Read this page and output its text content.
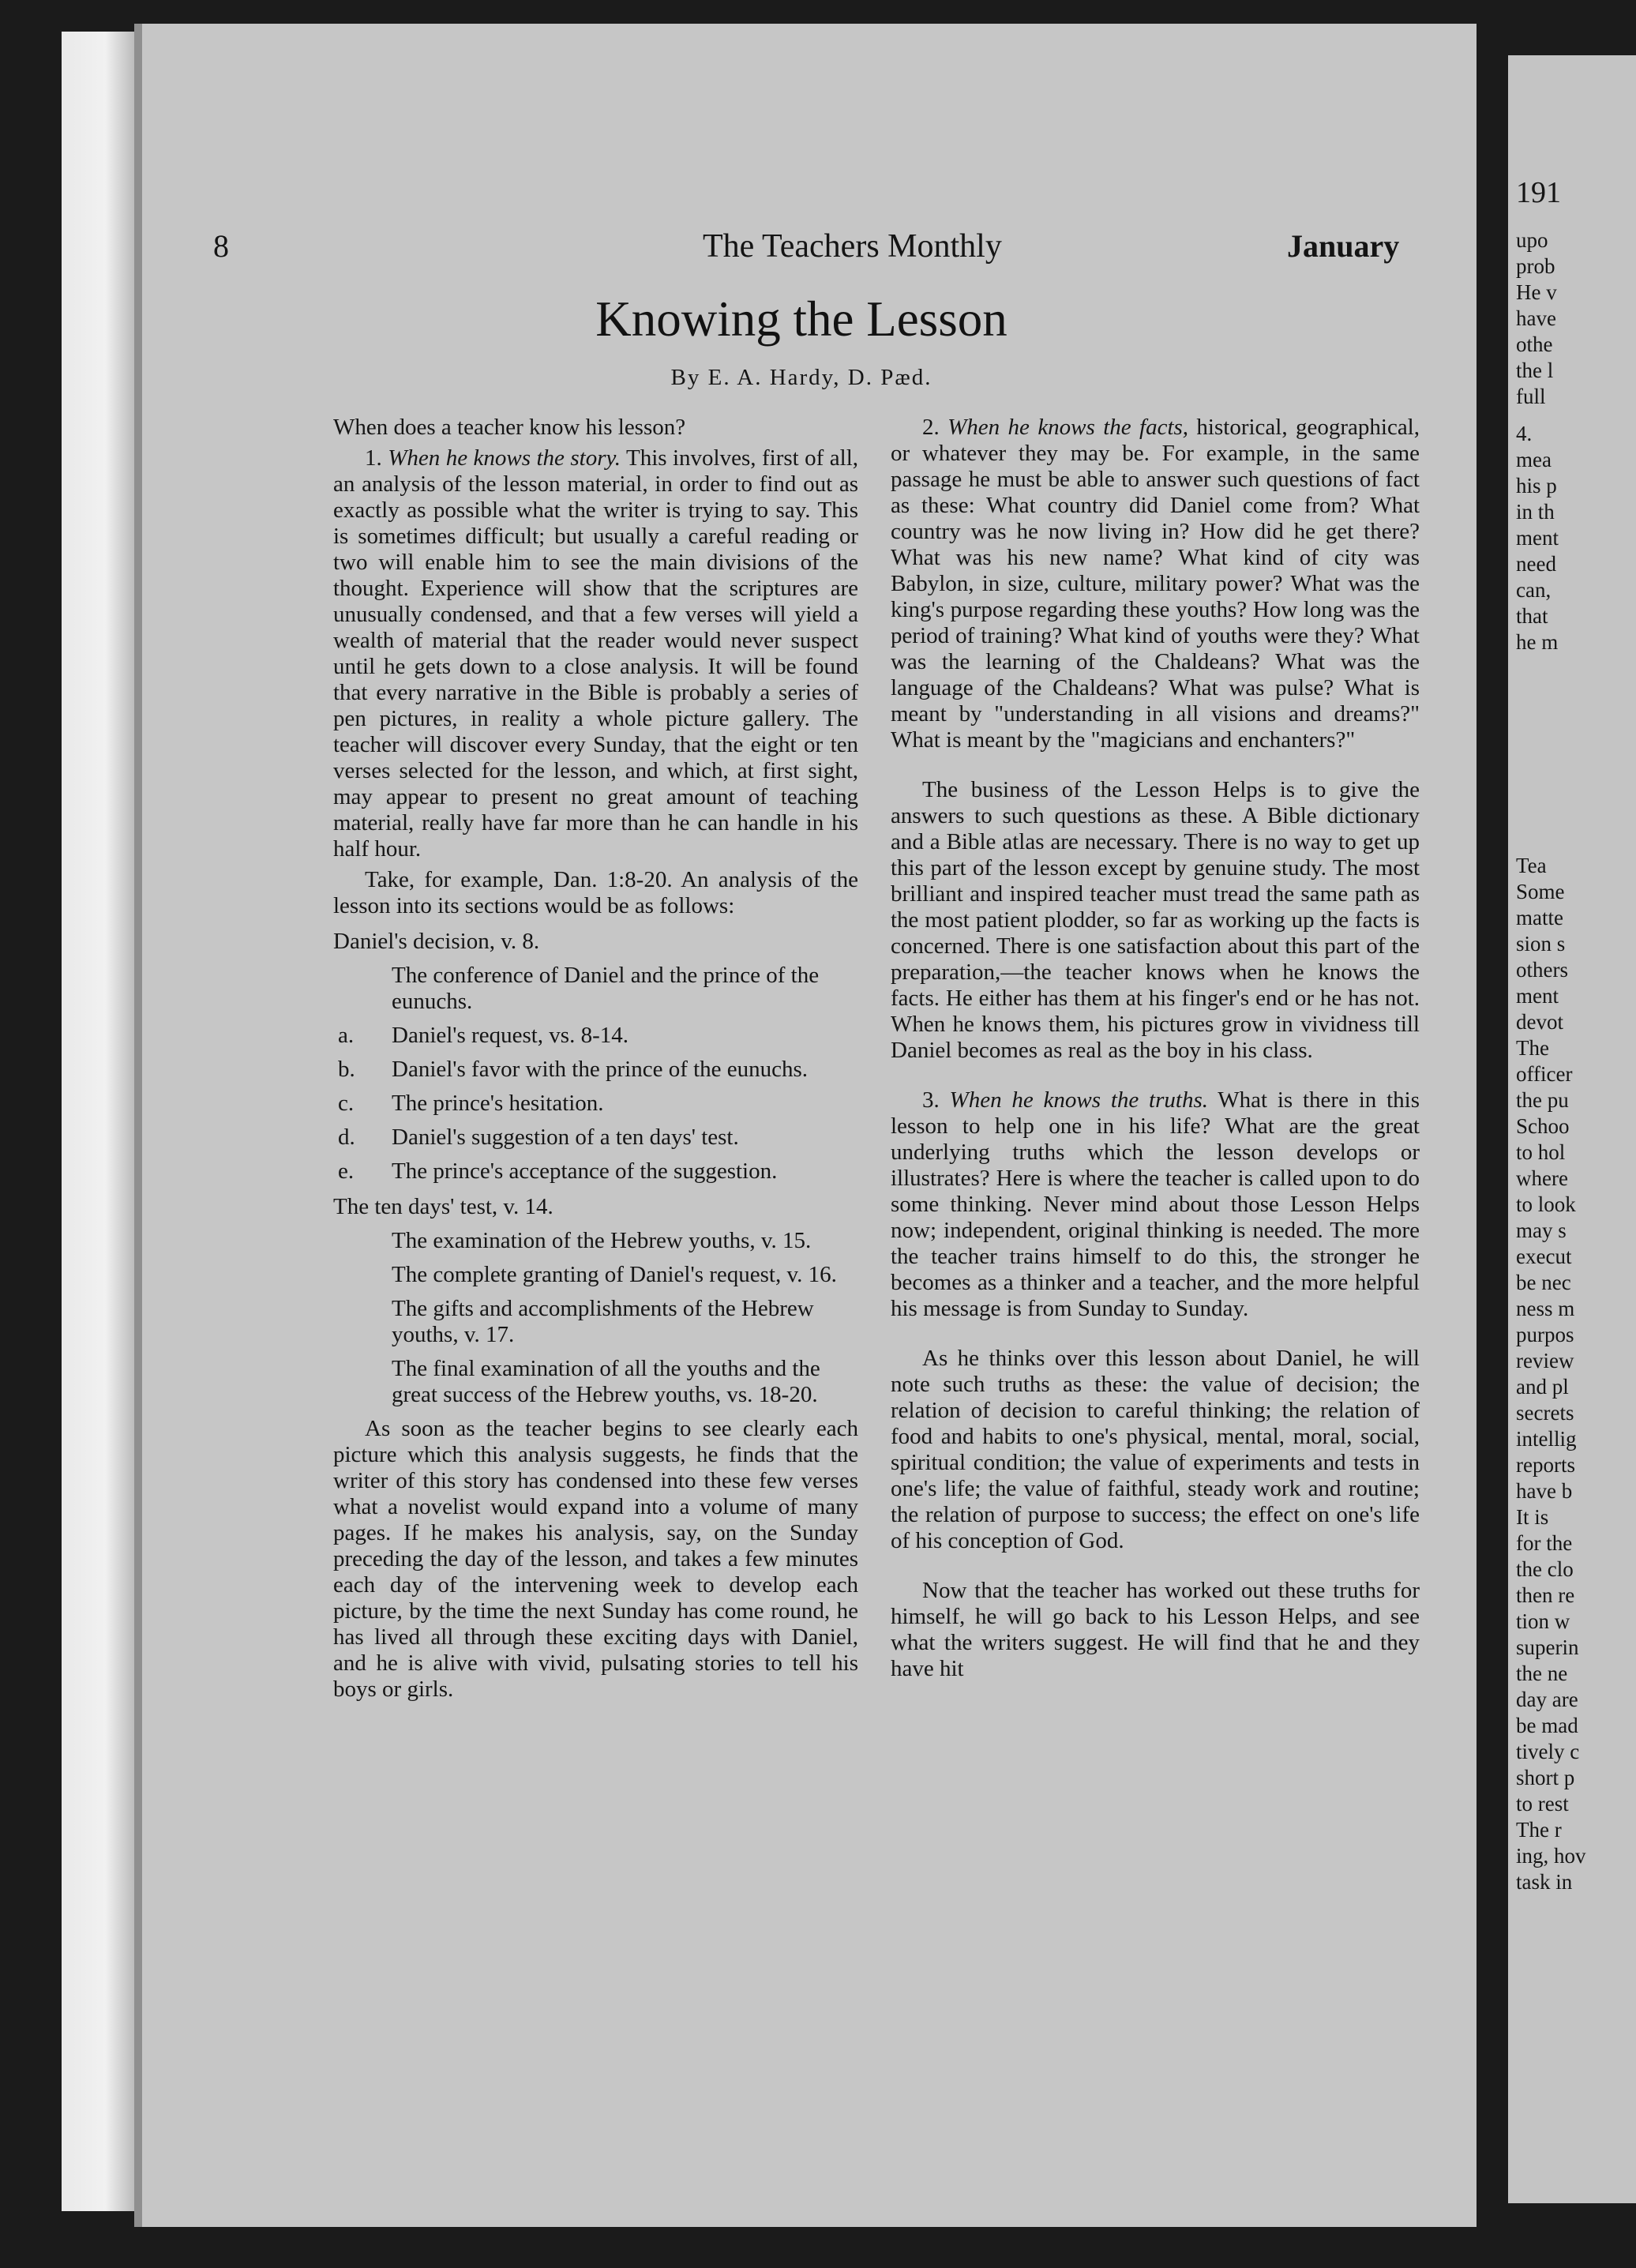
8	The Teachers Monthly	January
Knowing the Lesson
By E. A. Hardy, D. Pæd.

When does a teacher know his lesson?

1. When he knows the story. This involves, first of all, an analysis of the lesson material, in order to find out as exactly as possible what the writer is trying to say. This is sometimes difficult; but usually a careful reading or two will enable him to see the main divisions of the thought. Experience will show that the scriptures are unusually condensed, and that a few verses will yield a wealth of material that the reader would never suspect until he gets down to a close analysis. It will be found that every narrative in the Bible is probably a series of pen pictures, in reality a whole picture gallery. The teacher will discover every Sunday, that the eight or ten verses selected for the lesson, and which, at first sight, may appear to present no great amount of teaching material, really have far more than he can handle in his half hour.

Take, for example, Dan. 1:8-20. An analysis of the lesson into its sections would be as follows:

Daniel's decision, v. 8.
The conference of Daniel and the prince of the eunuchs.
a. Daniel's request, vs. 8-14.
b. Daniel's favor with the prince of the eunuchs.
c. The prince's hesitation.
d. Daniel's suggestion of a ten days' test.
e. The prince's acceptance of the suggestion.
The ten days' test, v. 14.
The examination of the Hebrew youths, v. 15.
The complete granting of Daniel's request, v. 16.
The gifts and accomplishments of the Hebrew youths, v. 17.
The final examination of all the youths and the great success of the Hebrew youths, vs. 18-20.

As soon as the teacher begins to see clearly each picture which this analysis suggests, he finds that the writer of this story has condensed into these few verses what a novelist would expand into a volume of many pages. If he makes his analysis, say, on the Sunday preceding the day of the lesson, and takes a few minutes each day of the intervening week to develop each picture, by the time the next Sunday has come round, he has lived all through these exciting days with Daniel, and he is alive with vivid, pulsating stories to tell his boys or girls.

2. When he knows the facts, historical, geographical, or whatever they may be. For example, in the same passage he must be able to answer such questions of fact as these: What country did Daniel come from? What country was he now living in? How did he get there? What was his new name? What kind of city was Babylon, in size, culture, military power? What was the king's purpose regarding these youths? How long was the period of training? What kind of youths were they? What was the learning of the Chaldeans? What was the language of the Chaldeans? What was pulse? What is meant by "understanding in all visions and dreams?" What is meant by the "magicians and enchanters?"

The business of the Lesson Helps is to give the answers to such questions as these. A Bible dictionary and a Bible atlas are necessary. There is no way to get up this part of the lesson except by genuine study. The most brilliant and inspired teacher must tread the same path as the most patient plodder, so far as working up the facts is concerned. There is one satisfaction about this part of the preparation,—the teacher knows when he knows the facts. He either has them at his finger's end or he has not. When he knows them, his pictures grow in vividness till Daniel becomes as real as the boy in his class.

3. When he knows the truths. What is there in this lesson to help one in his life? What are the great underlying truths which the lesson develops or illustrates? Here is where the teacher is called upon to do some thinking. Never mind about those Lesson Helps now; independent, original thinking is needed. The more the teacher trains himself to do this, the stronger he becomes as a thinker and a teacher, and the more helpful his message is from Sunday to Sunday.

As he thinks over this lesson about Daniel, he will note such truths as these: the value of decision; the relation of decision to careful thinking; the relation of food and habits to one's physical, mental, moral, social, spiritual condition; the value of experiments and tests in one's life; the value of faithful, steady work and routine; the relation of purpose to success; the effect on one's life of his conception of God.

Now that the teacher has worked out these truths for himself, he will go back to his Lesson Helps, and see what the writers suggest. He will find that he and they have hit

191
upo
prob
He v
have
othe
the l
full
4.
mea
his p
in th
ment
need
can,
that
he m
Tea
Some
matte
sion s
others
ment
devot
The
officer
the pu
Schoo
to hol
where
to look
may s
execut
be nec
ness m
purpos
review
and pl
secrets
intellig
reports
have b
It is
for the
the clo
then re
tion w
superin
the ne
day are
be mad
tively c
short p
to rest
The r
ing, hov
task in
